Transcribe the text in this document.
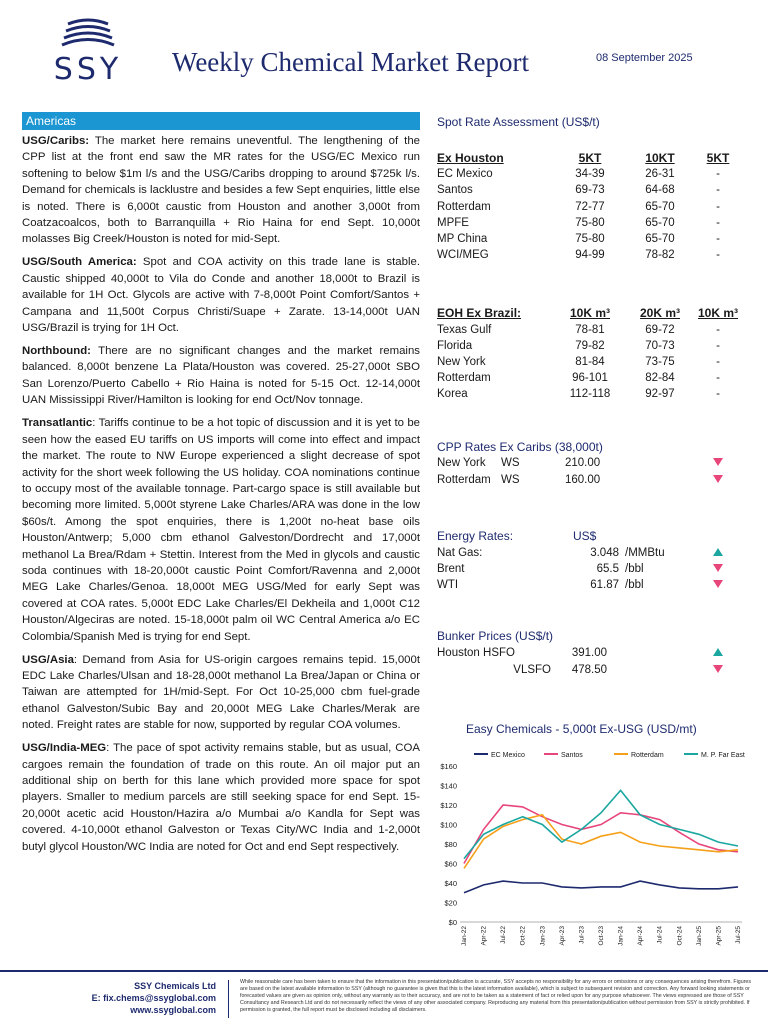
SSY	Weekly Chemical Market Report	08 September 2025
Americas

USG/Caribs: The market here remains uneventful. The lengthening of the CPP list at the front end saw the MR rates for the USG/EC Mexico run softening to below $1m l/s and the USG/Caribs dropping to around $725k l/s. Demand for chemicals is lacklustre and besides a few Sept enquiries, little else is noted. There is 6,000t caustic from Houston and another 3,000t from Coatzacoalcos, both to Barranquilla + Rio Haina for end Sept. 10,000t molasses Big Creek/Houston is noted for mid-Sept.

USG/South America: Spot and COA activity on this trade lane is stable. Caustic shipped 40,000t to Vila do Conde and another 18,000t to Brazil is available for 1H Oct. Glycols are active with 7-8,000t Point Comfort/Santos + Campana and 11,500t Corpus Christi/Suape + Zarate. 13-14,000t UAN USG/Brazil is trying for 1H Oct.

Northbound: There are no significant changes and the market remains balanced. 8,000t benzene La Plata/Houston was covered. 25-27,000t SBO San Lorenzo/Puerto Cabello + Rio Haina is noted for 5-15 Oct. 12-14,000t UAN Mississippi River/Hamilton is looking for end Oct/Nov tonnage.

Transatlantic: Tariffs continue to be a hot topic of discussion and it is yet to be seen how the eased EU tariffs on US imports will come into effect and impact the market. The route to NW Europe experienced a slight decrease of spot activity for the short week following the US holiday. COA nominations continue to occupy most of the available tonnage. Part-cargo space is still available but becoming more limited. 5,000t styrene Lake Charles/ARA was done in the low $60s/t. Among the spot enquiries, there is 1,200t no-heat base oils Houston/Antwerp; 5,000 cbm ethanol Galveston/Dordrecht and 17,000t methanol La Brea/Rdam + Stettin. Interest from the Med in glycols and caustic soda continues with 18-20,000t caustic Point Comfort/Ravenna and 2,000t MEG Lake Charles/Genoa. 18,000t MEG USG/Med for early Sept was covered at COA rates. 5,000t EDC Lake Charles/El Dekheila and 1,000t C12 Houston/Algeciras are noted. 15-18,000t palm oil WC Central America a/o EC Colombia/Spanish Med is trying for end Sept.

USG/Asia: Demand from Asia for US-origin cargoes remains tepid. 15,000t EDC Lake Charles/Ulsan and 18-28,000t methanol La Brea/Japan or China or Taiwan are attempted for 1H/mid-Sept. For Oct 10-25,000 cbm fuel-grade ethanol Galveston/Subic Bay and 20,000t MEG Lake Charles/Merak are noted. Freight rates are stable for now, supported by regular COA volumes.

USG/India-MEG: The pace of spot activity remains stable, but as usual, COA cargoes remain the foundation of trade on this route. An oil major put an additional ship on berth for this lane which provided more space for spot players. Smaller to medium parcels are still seeking space for end Sept. 15-20,000t acetic acid Houston/Hazira a/o Mumbai a/o Kandla for Sept was covered. 4-10,000t ethanol Galveston or Texas City/WC India and 1-2,000t butyl glycol Houston/WC India are noted for Oct and end Sept respectively.

Spot Rate Assessment (US$/t)
Ex Houston	5KT	10KT	5KT
EC Mexico	34-39	26-31	-
Santos	69-73	64-68	-
Rotterdam	72-77	65-70	-
MPFE	75-80	65-70	-
MP China	75-80	65-70	-
WCI/MEG	94-99	78-82	-
EOH Ex Brazil:	10K m³	20K m³	10K m³
Texas Gulf	78-81	69-72	-
Florida	79-82	70-73	-
New York	81-84	73-75	-
Rotterdam	96-101	82-84	-
Korea	112-118	92-97	-
CPP Rates Ex Caribs (38,000t)
New York	WS	210.00
Rotterdam WS	160.00
Energy Rates:	US$
Nat Gas:	3.048 /MMBtu
Brent	65.5 /bbl
WTI	61.87 /bbl
Bunker Prices (US$/t)
Houston HSFO	391.00
VLSFO	478.50
Easy Chemicals - 5,000t Ex-USG (USD/mt)
EC Mexico	Santos	Rotterdam	M. P. Far East
$0
$20
$40
$60
$80
$100
$120
$140
$160
Jan-22 Apr-22 Jul-22 Oct-22 Jan-23 Apr-23 Jul-23 Oct-23 Jan-24 Apr-24 Jul-24 Oct-24 Jan-25 Apr-25 Jul-25
SSY Chemicals Ltd
E: fix.chems@ssyglobal.com
www.ssyglobal.com
While reasonable care has been taken to ensure that the information in this presentation/publication is accurate, SSY accepts no responsibility for any errors or omissions or any consequences arising therefrom. Figures are based on the latest available information to SSY (although no guarantee is given that this is the latest information available), which is subject to subsequent revision and correction. Any forward looking statements or forecasted values are given as opinion only, without any warranty as to their accuracy, and are not to be taken as a statement of fact or relied upon for any purpose whatsoever. The views expressed are those of SSY Consultancy and Research Ltd and do not necessarily reflect the views of any other associated company. Reproducing any material from this presentation/publication without permission from SSY is strictly prohibited. If permission is granted, the full report must be disclosed including all disclaimers.
